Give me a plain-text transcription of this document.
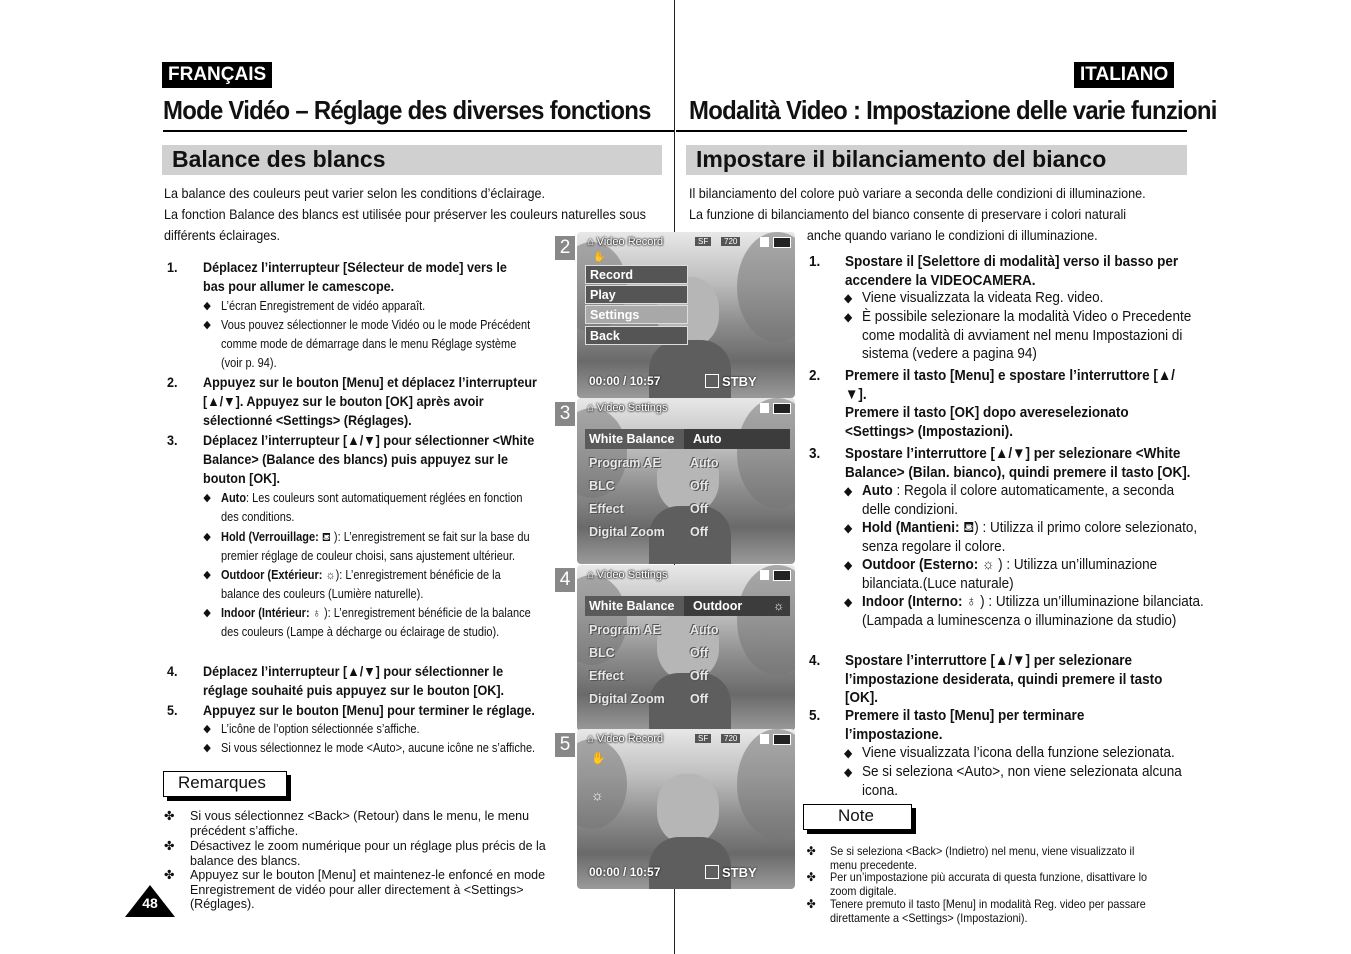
FRANÇAIS
Mode Vidéo – Réglage des diverses fonctions
Balance des blancs
La balance des couleurs peut varier selon les conditions d’éclairage.
La fonction Balance des blancs est utilisée pour préserver les couleurs naturelles sous
différents éclairages.
1. Déplacez l’interrupteur [Sélecteur de mode] vers le bas pour allumer le camescope.
◆ L’écran Enregistrement de vidéo apparaît.
◆ Vous pouvez sélectionner le mode Vidéo ou le mode Précédent comme mode de démarrage dans le menu Réglage système (voir p. 94).
2. Appuyez sur le bouton [Menu] et déplacez l’interrupteur [▲/▼]. Appuyez sur le bouton [OK] après avoir sélectionné <Settings> (Réglages).
3. Déplacez l’interrupteur [▲/▼] pour sélectionner <White Balance> (Balance des blancs) puis appuyez sur le bouton [OK].
◆ Auto: Les couleurs sont automatiquement réglées en fonction des conditions.
◆ Hold (Verrouillage: ⛾ ): L’enregistrement se fait sur la base du premier réglage de couleur choisi, sans ajustement ultérieur.
◆ Outdoor (Extérieur: ☼): L’enregistrement bénéficie de la balance des couleurs (Lumière naturelle).
◆ Indoor (Intérieur: ♁ ): L’enregistrement bénéficie de la balance des couleurs (Lampe à décharge ou éclairage de studio).
4. Déplacez l’interrupteur [▲/▼] pour sélectionner le réglage souhaité puis appuyez sur le bouton [OK].
5. Appuyez sur le bouton [Menu] pour terminer le réglage.
◆ L’icône de l’option sélectionnée s’affiche.
◆ Si vous sélectionnez le mode <Auto>, aucune icône ne s’affiche.
Remarques
✤ Si vous sélectionnez <Back> (Retour) dans le menu, le menu précédent s’affiche.
✤ Désactivez le zoom numérique pour un réglage plus précis de la balance des blancs.
✤ Appuyez sur le bouton [Menu] et maintenez-le enfoncé en mode Enregistrement de vidéo pour aller directement à <Settings> (Réglages).
48
2	⌂ Video Record	SF	720
✋
Record
Play
Settings
Back
00:00 / 10:57	STBY
3	⌂ Video Settings
White Balance	Auto
Program AE Auto
BLC	Off
Effect	Off
Digital Zoom Off
4	⌂ Video Settings
White Balance	Outdoor ☼
Program AE Auto
BLC	Off
Effect	Off
Digital Zoom Off
5	⌂ Video Record	SF	720
✋
☼
00:00 / 10:57	STBY
ITALIANO
Modalità Video : Impostazione delle varie funzioni
Impostare il bilanciamento del bianco
Il bilanciamento del colore può variare a seconda delle condizioni di illuminazione.
La funzione di bilanciamento del bianco consente di preservare i colori naturali
anche quando variano le condizioni di illuminazione.
1. Spostare il [Selettore di modalità] verso il basso per accendere la VIDEOCAMERA.
◆ Viene visualizzata la videata Reg. video.
◆ È possibile selezionare la modalità Video o Precedente come modalità di avviament nel menu Impostazioni di sistema (vedere a pagina 94)
2. Premere il tasto [Menu] e spostare l’interruttore [▲/▼].
Premere il tasto [OK] dopo avereselezionato <Settings> (Impostazioni).
3. Spostare l’interruttore [▲/▼] per selezionare <White Balance> (Bilan. bianco), quindi premere il tasto [OK].
◆ Auto : Regola il colore automaticamente, a seconda delle condizioni.
◆ Hold (Mantieni: ⛾) : Utilizza il primo colore selezionato, senza regolare il colore.
◆ Outdoor (Esterno: ☼ ) : Utilizza un’illuminazione bilanciata.(Luce naturale)
◆ Indoor (Interno: ♁ ) : Utilizza un’illuminazione bilanciata. (Lampada a luminescenza o illuminazione da studio)
4. Spostare l’interruttore [▲/▼] per selezionare l’impostazione desiderata, quindi premere il tasto [OK].
5. Premere il tasto [Menu] per terminare l’impostazione.
◆ Viene visualizzata l’icona della funzione selezionata.
◆ Se si seleziona <Auto>, non viene selezionata alcuna icona.
Note
✤ Se si seleziona <Back> (Indietro) nel menu, viene visualizzato il menu precedente.
✤ Per un’impostazione più accurata di questa funzione, disattivare lo zoom digitale.
✤ Tenere premuto il tasto [Menu] in modalità Reg. video per passare direttamente a <Settings> (Impostazioni).
